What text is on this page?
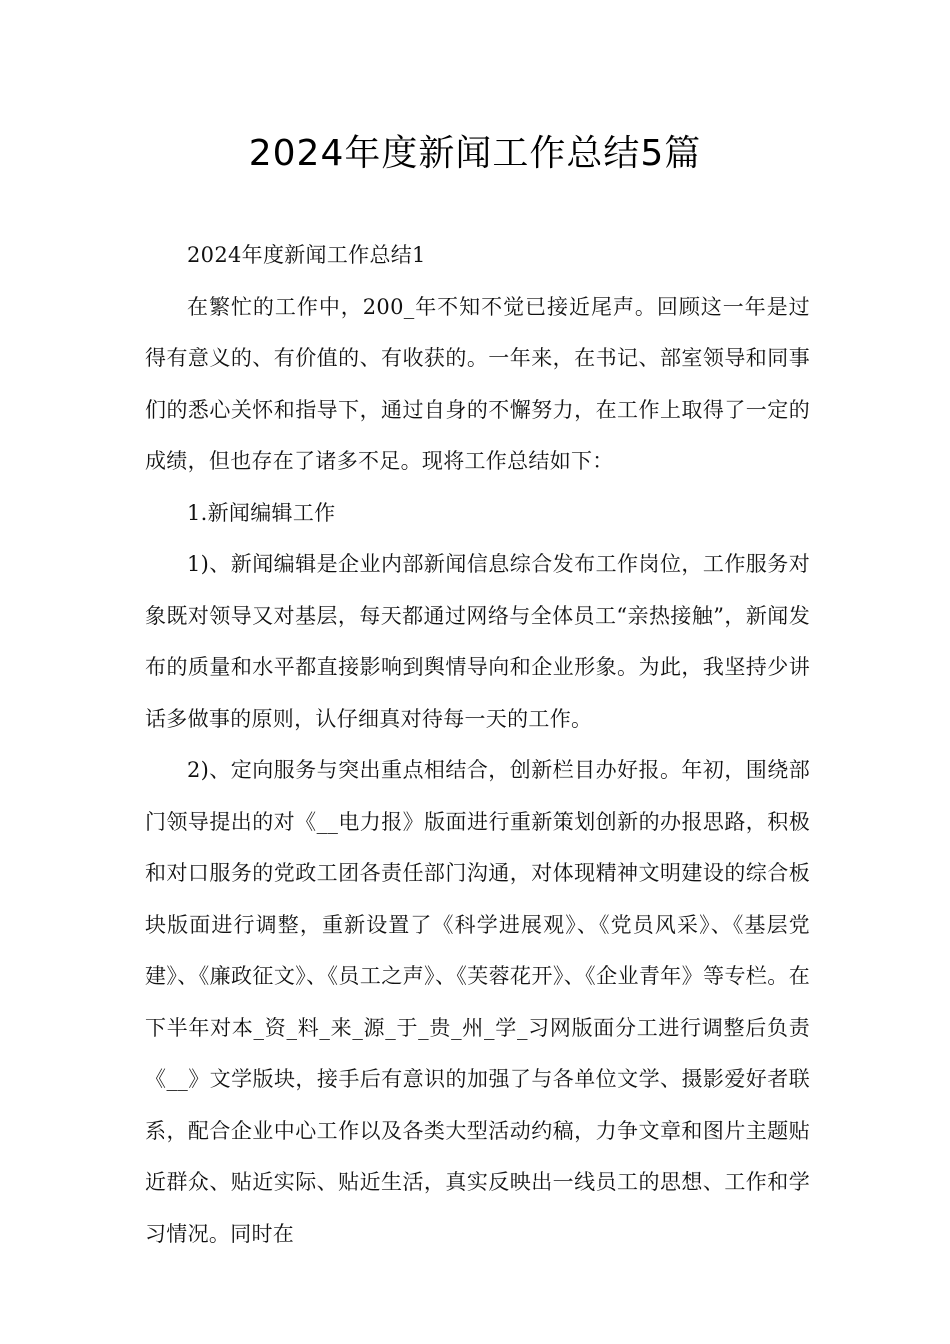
2024年度新闻工作总结5篇

2024年度新闻工作总结1

在繁忙的工作中，200_年不知不觉已接近尾声。回顾这一年是过得有意义的、有价值的、有收获的。一年来，在书记、部室领导和同事们的悉心关怀和指导下，通过自身的不懈努力，在工作上取得了一定的成绩，但也存在了诸多不足。现将工作总结如下：

1.新闻编辑工作

1)、新闻编辑是企业内部新闻信息综合发布工作岗位，工作服务对象既对领导又对基层，每天都通过网络与全体员工“亲热接触”，新闻发布的质量和水平都直接影响到舆情导向和企业形象。为此，我坚持少讲话多做事的原则，认仔细真对待每一天的工作。

2)、定向服务与突出重点相结合，创新栏目办好报。年初，围绕部门领导提出的对《__电力报》版面进行重新策划创新的办报思路，积极和对口服务的党政工团各责任部门沟通，对体现精神文明建设的综合板块版面进行调整，重新设置了《科学进展观》、《党员风采》、《基层党建》、《廉政征文》、《员工之声》、《芙蓉花开》、《企业青年》等专栏。在下半年对本_资_料_来_源_于_贵_州_学_习网版面分工进行调整后负责《__》文学版块，接手后有意识的加强了与各单位文学、摄影爱好者联系，配合企业中心工作以及各类大型活动约稿，力争文章和图片主题贴近群众、贴近实际、贴近生活，真实反映出一线员工的思想、工作和学习情况。同时在
